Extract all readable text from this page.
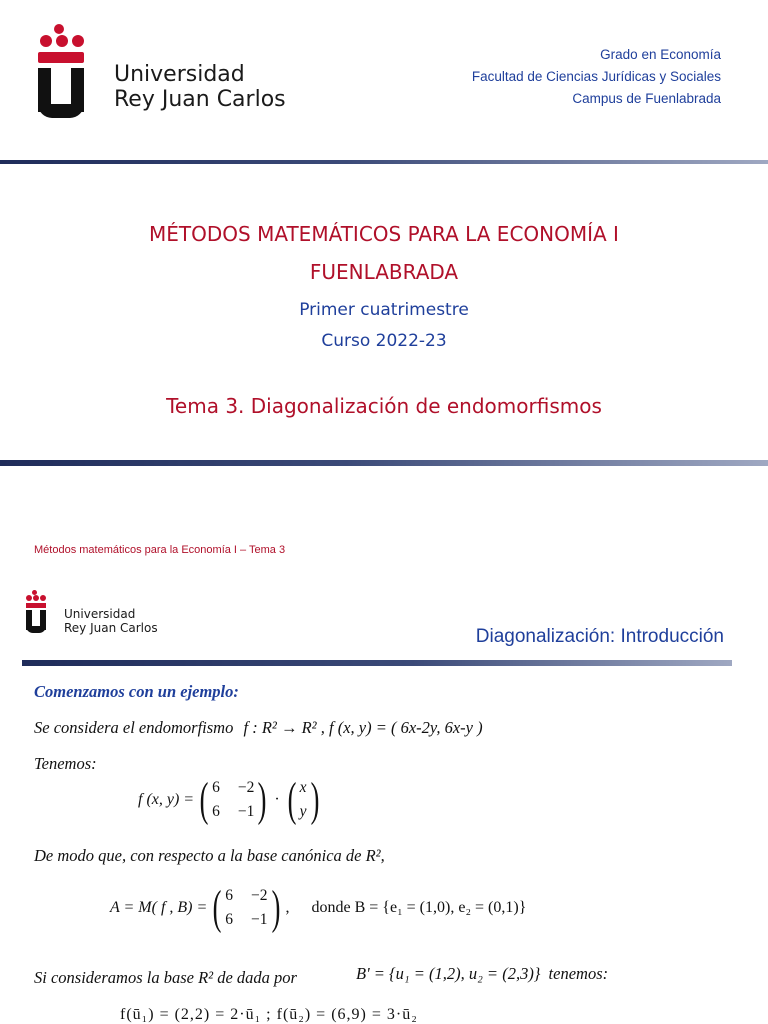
Universidad
Rey Juan Carlos
Grado en Economía
Facultad de Ciencias Jurídicas y Sociales
Campus de Fuenlabrada
MÉTODOS MATEMÁTICOS PARA LA ECONOMÍA I
FUENLABRADA
Primer cuatrimestre
Curso 2022-23
Tema 3. Diagonalización de endomorfismos
Métodos matemáticos para la Economía I – Tema 3
Universidad
Rey Juan Carlos	Diagonalización: Introducción
Comenzamos con un ejemplo:
Se considera el endomorfismo f : R² → R² , f (x, y) = ( 6x-2y, 6x-y )
Tenemos:
f (x, y) = ( 6 −2
6 −1 ) · ( x
y )
De modo que, con respecto a la base canónica de R²,
A = M( f , B) = ( 6 −2
6 −1 ) , donde B = {e₁ = (1,0), e₂ = (0,1)}
Si consideramos la base R² de dada por	B' = {u₁ = (1,2), u₂ = (2,3)} tenemos:
f(ū₁) = (2,2) = 2·ū₁ ; f(ū₂) = (6,9) = 3·ū₂
